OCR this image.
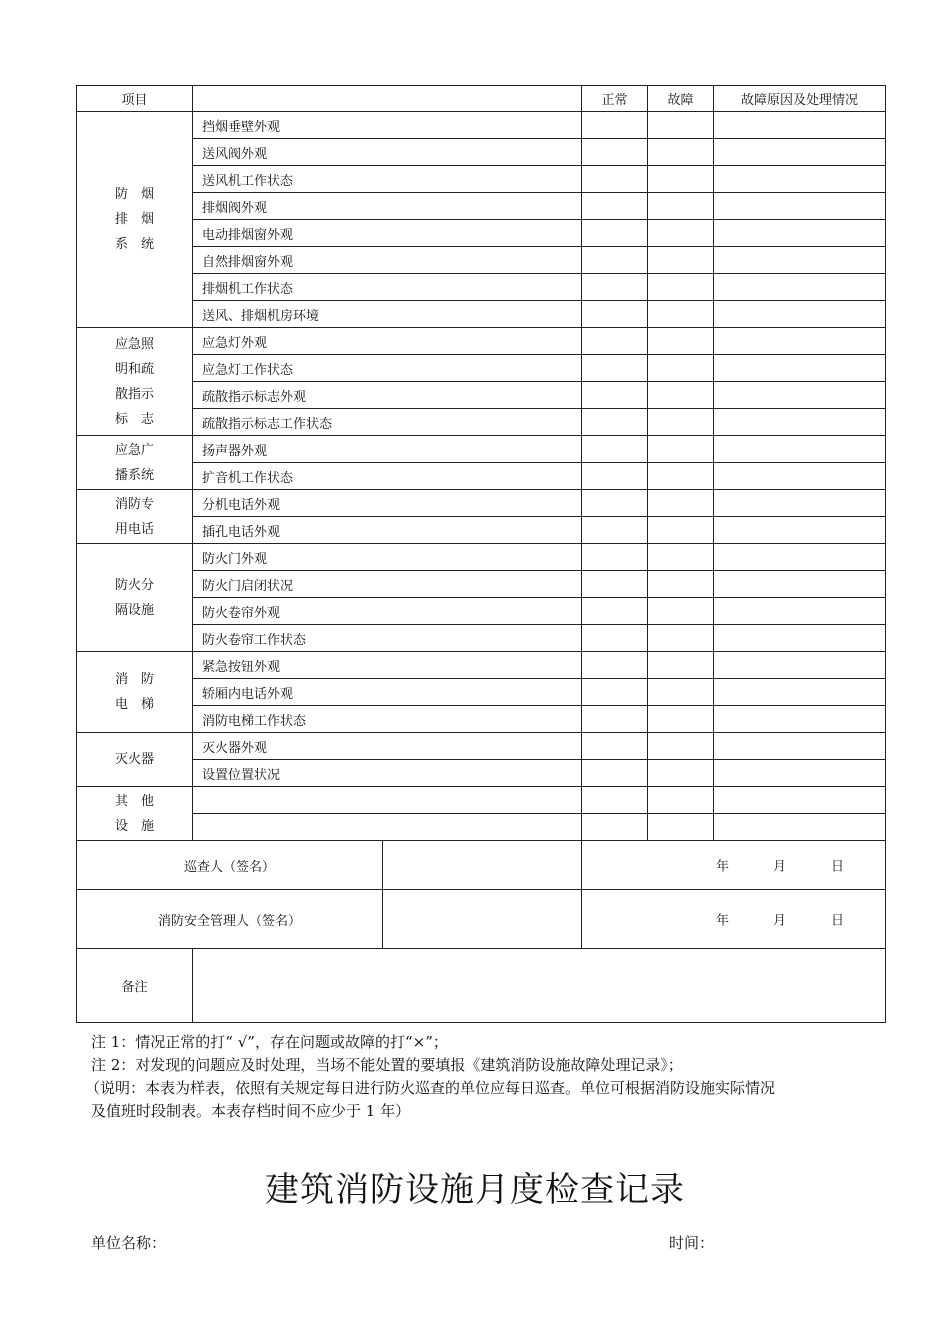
项目		正常	故障	故障原因及处理情况

防　烟
排　烟
系　统	挡烟垂壁外观			
	送风阀外观			
	送风机工作状态			
	排烟阀外观			
	电动排烟窗外观			
	自然排烟窗外观			
	排烟机工作状态			
	送风、排烟机房环境			

应急照
明和疏
散指示
标　志	应急灯外观			
	应急灯工作状态			
	疏散指示标志外观			
	疏散指示标志工作状态			

应急广
播系统	扬声器外观			
	扩音机工作状态			

消防专
用电话	分机电话外观			
	插孔电话外观			

防火分
隔设施	防火门外观			
	防火门启闭状况			
	防火卷帘外观			
	防火卷帘工作状态			

消　防
电　梯	紧急按钮外观			
	轿厢内电话外观			
	消防电梯工作状态			

灭火器	灭火器外观			
	设置位置状况			

其　他
设　施				

巡查人（签名）		年 月 日		

消防安全管理人（签名）		年 月 日		

备注				

注 1：情况正常的打“ √”，存在问题或故障的打“×”；

注 2：对发现的问题应及时处理，当场不能处置的要填报《建筑消防设施故障处理记录》；

（说明：本表为样表，依照有关规定每日进行防火巡查的单位应每日巡查。单位可根据消防设施实际情况

及值班时段制表。本表存档时间不应少于 1 年）

建筑消防设施月度检查记录
单位名称：	时间：
